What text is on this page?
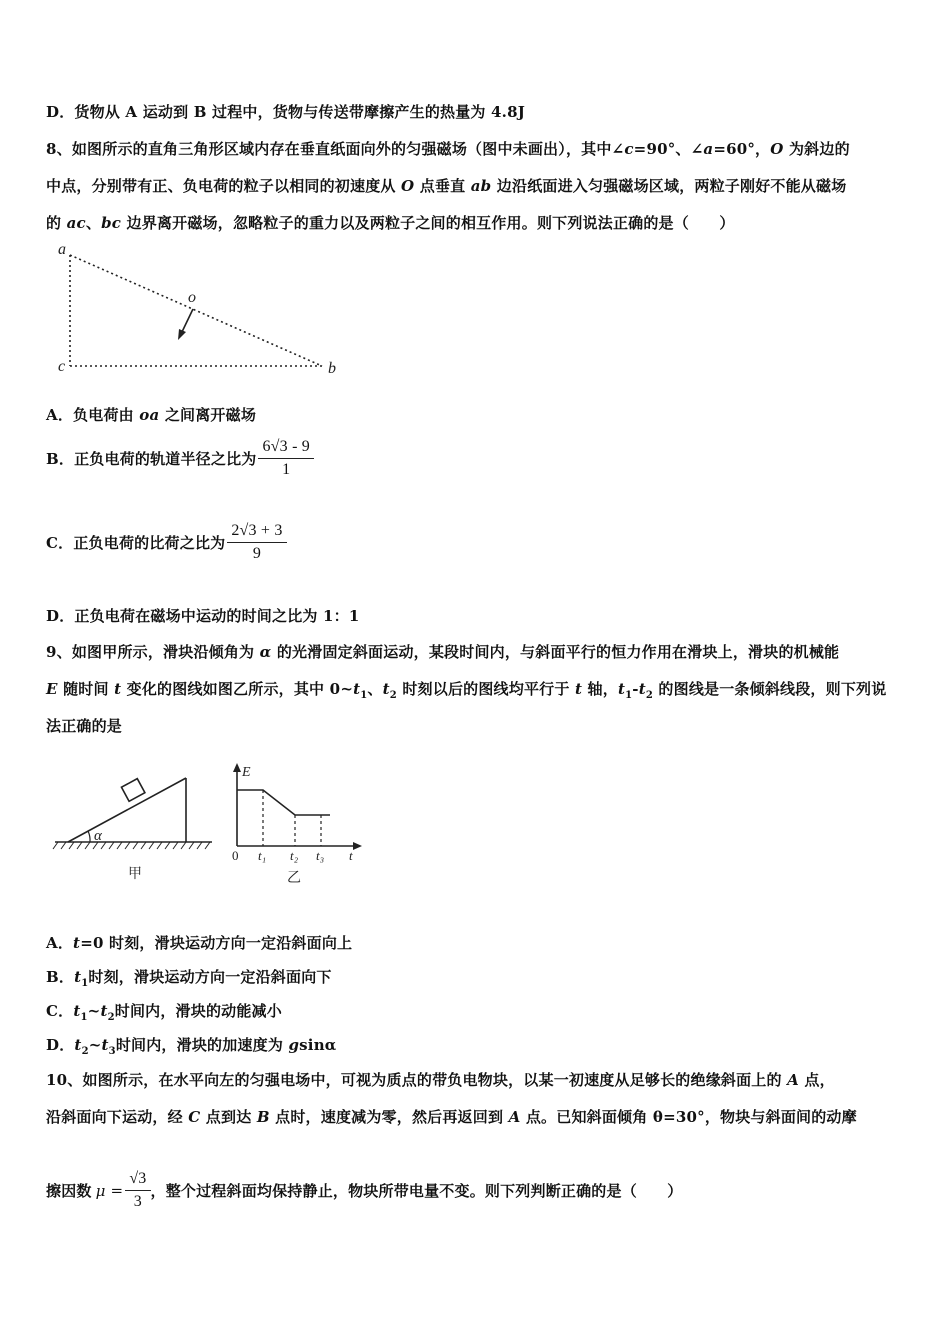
D．货物从 A 运动到 B 过程中，货物与传送带摩擦产生的热量为 4.8J
8、如图所示的直角三角形区域内存在垂直纸面向外的匀强磁场（图中未画出），其中∠c=90°、∠a=60°，O 为斜边的
中点，分别带有正、负电荷的粒子以相同的初速度从 O 点垂直 ab 边沿纸面进入匀强磁场区域，两粒子刚好不能从磁场
的 ac、bc 边界离开磁场，忽略粒子的重力以及两粒子之间的相互作用。则下列说法正确的是（　　）
a
o
c	b
A．负电荷由 oa 之间离开磁场
B．正负电荷的轨道半径之比为 $\frac{6√3 - 9}{1}$
C．正负电荷的比荷之比为 $\frac{2√3 + 3}{9}$
D．正负电荷在磁场中运动的时间之比为 1：1
9、如图甲所示，滑块沿倾角为 α 的光滑固定斜面运动，某段时间内，与斜面平行的恒力作用在滑块上，滑块的机械能
E 随时间 t 变化的图线如图乙所示，其中 $0\sim t_1$、$t_2$ 时刻以后的图线均平行于 t 轴，$t_1-t_2$ 的图线是一条倾斜线段，则下列说
法正确的是
α
甲
E
0 t₁ t₂ t₃ t
乙
A．t=0 时刻，滑块运动方向一定沿斜面向上
B．$t_1$时刻，滑块运动方向一定沿斜面向下
C．$t_1\sim t_2$时间内，滑块的动能减小
D．$t_2\sim t_3$时间内，滑块的加速度为 gsinα
10、如图所示，在水平向左的匀强电场中，可视为质点的带负电物块，以某一初速度从足够长的绝缘斜面上的 A 点，
沿斜面向下运动，经 C 点到达 B 点时，速度减为零，然后再返回到 A 点。已知斜面倾角 θ=30°，物块与斜面间的动摩
擦因数 $\mu = \frac{√3}{3}$ ，整个过程斜面均保持静止，物块所带电量不变。则下列判断正确的是（　　）
